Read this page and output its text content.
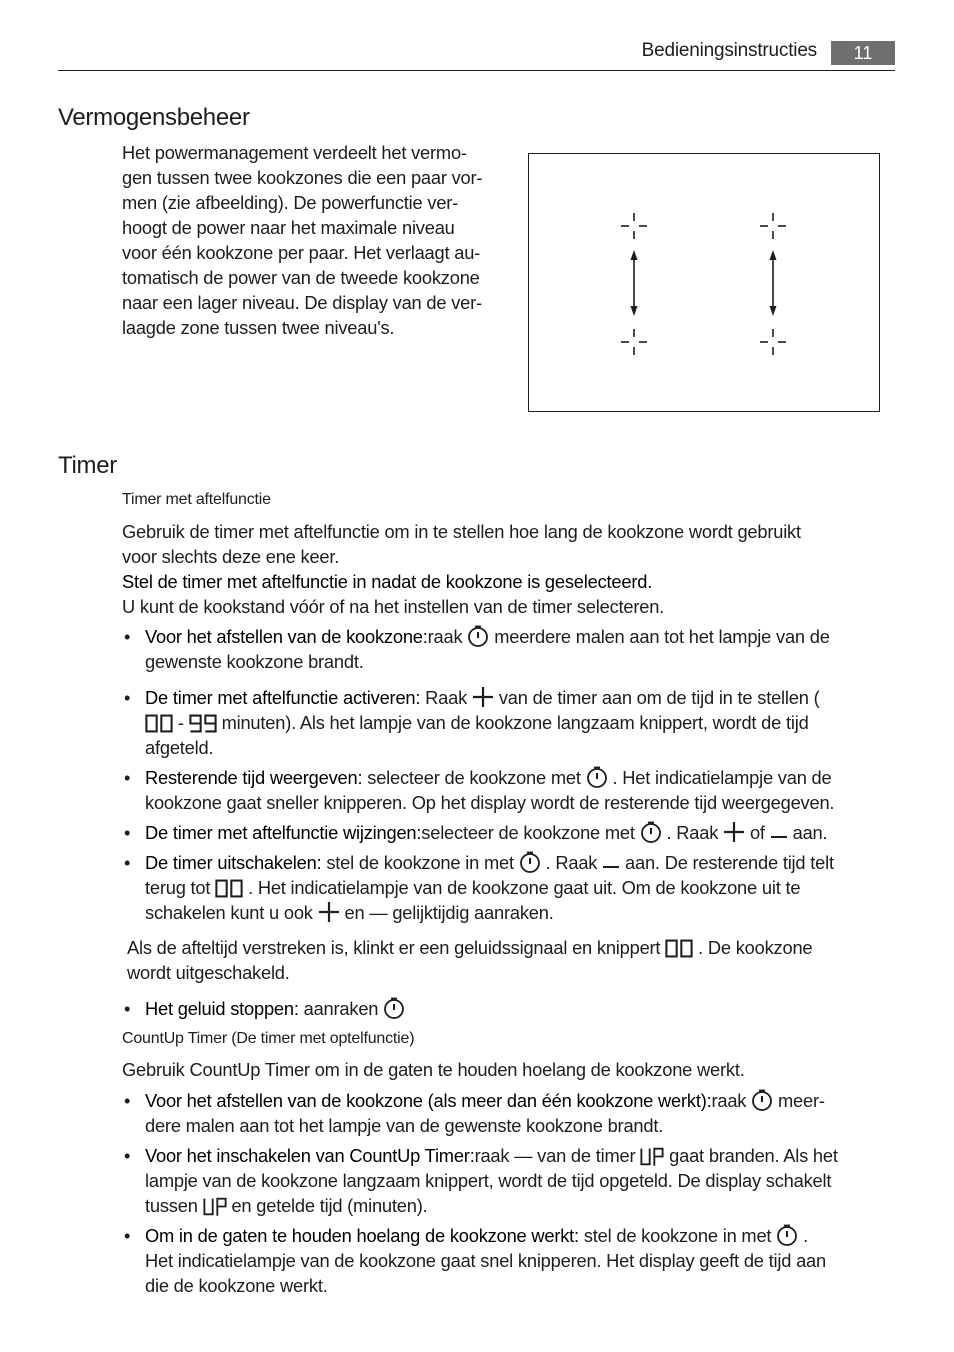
Bedieningsinstructies	11
Vermogensbeheer
Het powermanagement verdeelt het vermo-
gen tussen twee kookzones die een paar vor-
men (zie afbeelding). De powerfunctie ver-
hoogt de power naar het maximale niveau
voor één kookzone per paar. Het verlaagt au-
tomatisch de power van de tweede kookzone
naar een lager niveau. De display van de ver-
laagde zone tussen twee niveau's.
Timer
Timer met aftelfunctie
Gebruik de timer met aftelfunctie om in te stellen hoe lang de kookzone wordt gebruikt
voor slechts deze ene keer.
Stel de timer met aftelfunctie in nadat de kookzone is geselecteerd.
U kunt de kookstand vóór of na het instellen van de timer selecteren.
• Voor het afstellen van de kookzone:raak meerdere malen aan tot het lampje van de
gewenste kookzone brandt.
• De timer met aftelfunctie activeren: Raak van de timer aan om de tijd in te stellen (
- minuten). Als het lampje van de kookzone langzaam knippert, wordt de tijd
afgeteld.
• Resterende tijd weergeven: selecteer de kookzone met . Het indicatielampje van de
kookzone gaat sneller knipperen. Op het display wordt de resterende tijd weergegeven.
• De timer met aftelfunctie wijzingen:selecteer de kookzone met . Raak of aan.
• De timer uitschakelen: stel de kookzone in met . Raak aan. De resterende tijd telt
terug tot . Het indicatielampje van de kookzone gaat uit. Om de kookzone uit te
schakelen kunt u ook en — gelijktijdig aanraken.
Als de afteltijd verstreken is, klinkt er een geluidssignaal en knippert . De kookzone
wordt uitgeschakeld.
• Het geluid stoppen: aanraken
CountUp Timer (De timer met optelfunctie)
Gebruik CountUp Timer om in de gaten te houden hoelang de kookzone werkt.
• Voor het afstellen van de kookzone (als meer dan één kookzone werkt):raak meer-
dere malen aan tot het lampje van de gewenste kookzone brandt.
• Voor het inschakelen van CountUp Timer:raak — van de timer gaat branden. Als het
lampje van de kookzone langzaam knippert, wordt de tijd opgeteld. De display schakelt
tussen en getelde tijd (minuten).
• Om in de gaten te houden hoelang de kookzone werkt: stel de kookzone in met .
Het indicatielampje van de kookzone gaat snel knipperen. Het display geeft de tijd aan
die de kookzone werkt.
